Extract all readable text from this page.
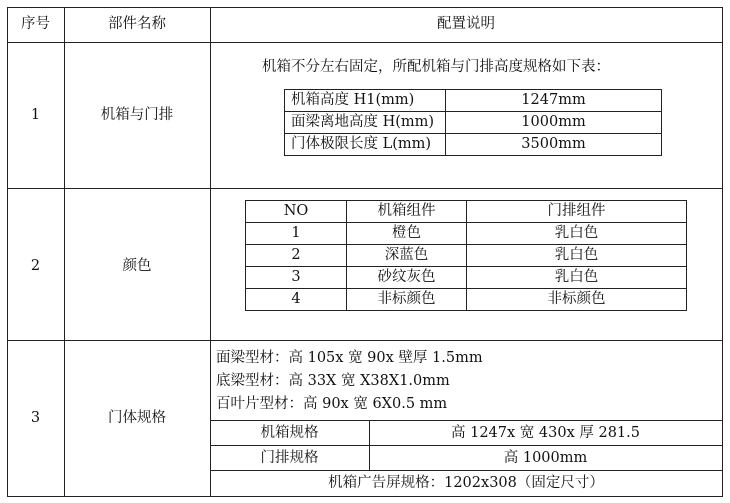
序号	部件名称	配置说明
1	机箱与门排
机箱不分左右固定，所配机箱与门排高度规格如下表：
机箱高度 H1(mm)	1247mm
面梁离地高度 H(mm)	1000mm
门体极限长度 L(mm)	3500mm
2	颜色
NO	机箱组件	门排组件
1	橙色	乳白色
2	深蓝色	乳白色
3	砂纹灰色	乳白色
4	非标颜色	非标颜色
3	门体规格
面梁型材：高 105x 宽 90x 壁厚 1.5mm
底梁型材：高 33X 宽 X38X1.0mm
百叶片型材：高 90x 宽 6X0.5 mm
机箱规格	高 1247x 宽 430x 厚 281.5
门排规格	高 1000mm
机箱广告屏规格：1202x308（固定尺寸）
